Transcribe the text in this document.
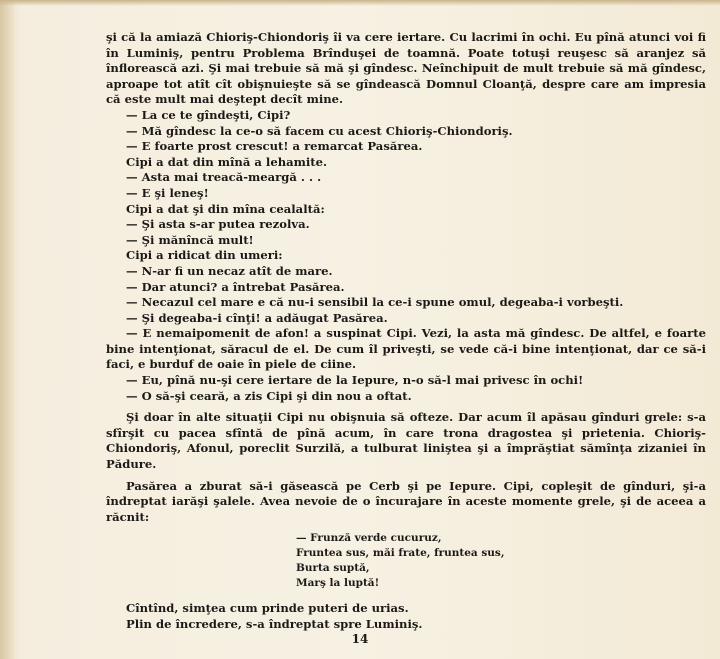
şi că la amiază Chioriş-Chiondoriş îi va cere iertare. Cu lacrimi în ochi. Eu pînă atunci voi fi în Luminiş, pentru Problema Brînduşei de toamnă. Poate totuşi reuşesc să aranjez să înflorească azi. Şi mai trebuie să mă şi gîndesc. Neînchipuit de mult trebuie să mă gîndesc, aproape tot atît cît obişnuieşte să se gîndească Domnul Cloanţă, despre care am impresia că este mult mai deştept decît mine.

— La ce te gîndeşti, Cipi?

— Mă gîndesc la ce-o să facem cu acest Chioriş-Chiondoriş.

— E foarte prost crescut! a remarcat Pasărea.

Cipi a dat din mînă a lehamite.

— Asta mai treacă-meargă . . .

— E şi leneş!

Cipi a dat şi din mîna cealaltă:

— Şi asta s-ar putea rezolva.

— Şi mănîncă mult!

Cipi a ridicat din umeri:

— N-ar fi un necaz atît de mare.

— Dar atunci? a întrebat Pasărea.

— Necazul cel mare e că nu-i sensibil la ce-i spune omul, degeaba-i vorbeşti.

— Şi degeaba-i cînţi! a adăugat Pasărea.

— E nemaipomenit de afon! a suspinat Cipi. Vezi, la asta mă gîndesc. De altfel, e foarte bine intenţionat, săracul de el. De cum îl priveşti, se vede că-i bine intenţionat, dar ce să-i faci, e burduf de oaie în piele de ciine.

— Eu, pînă nu-şi cere iertare de la Iepure, n-o să-l mai privesc în ochi!

— O să-şi ceară, a zis Cipi şi din nou a oftat.

Şi doar în alte situaţii Cipi nu obişnuia să ofteze. Dar acum îl apăsau gînduri grele: s-a sfîrşit cu pacea sfîntă de pînă acum, în care trona dragostea şi prietenia. Chioriş-Chiondoriş, Afonul, poreclit Surzilă, a tulburat liniştea şi a împrăştiat sămînţa zizaniei în Pădure.

Pasărea a zburat să-i găsească pe Cerb şi pe Iepure. Cipi, copleşit de gînduri, şi-a îndreptat iarăşi şalele. Avea nevoie de o încurajare în aceste momente grele, şi de aceea a răcnit:

— Frunză verde cucuruz,
Fruntea sus, măi frate, fruntea sus,
Burta suptă,
Marş la luptă!

Cîntînd, simţea cum prinde puteri de urias.

Plin de încredere, s-a îndreptat spre Luminiş.

14
